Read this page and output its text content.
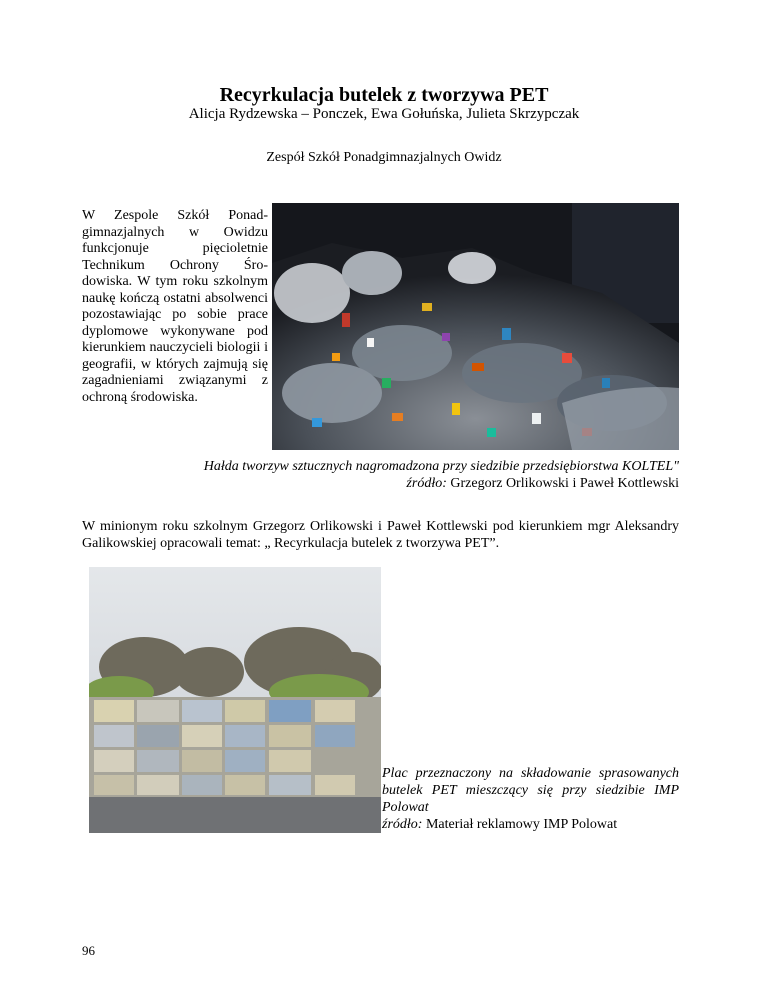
Recyrkulacja butelek z tworzywa PET
Alicja Rydzewska – Ponczek, Ewa Gołuńska, Julieta Skrzypczak
Zespół Szkół Ponadgimnazjalnych Owidz
W Zespole Szkół Ponadgimnazjalnych w Owidzu funkcjonuje pięcioletnie Technikum Ochrony Środowiska. W tym roku szkolnym naukę kończą ostatni absolwenci pozostawiając po sobie prace dyplomowe wykonywane pod kierunkiem nauczycieli biologii i geografii, w których zajmują się zagadnieniami związanymi z ochroną środowiska.
Hałda tworzyw sztucznych nagromadzona przy siedzibie przedsiębiorstwa KOLTEL"
źródło: Grzegorz Orlikowski i Paweł Kottlewski
W minionym roku szkolnym Grzegorz Orlikowski i Paweł Kottlewski pod kierunkiem mgr Aleksandry Galikowskiej opracowali temat: „ Recyrkulacja butelek z tworzywa PET”.
Plac przeznaczony na składowanie sprasowanych butelek PET mieszczący się przy siedzibie IMP Polowat
źródło: Materiał reklamowy IMP Polowat
96
